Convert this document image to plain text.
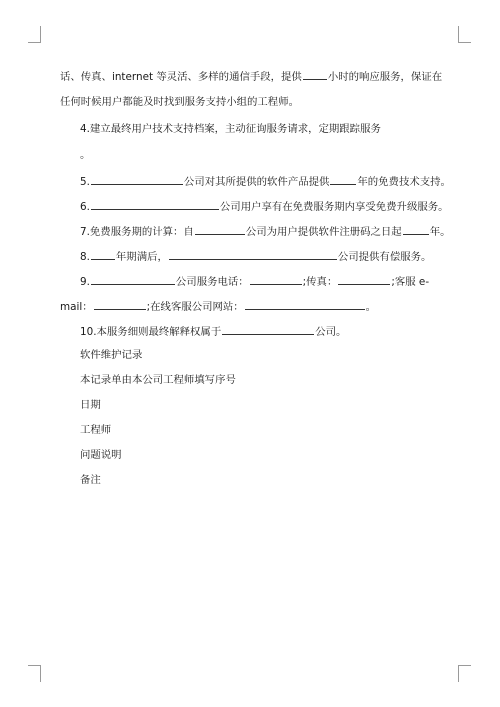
话、传真、internet 等灵活、多样的通信手段，提供	小时的响应服务，保证在
任何时候用户都能及时找到服务支持小组的工程师。
4.建立最终用户技术支持档案，主动征询服务请求，定期跟踪服务
。
5.	公司对其所提供的软件产品提供	年的免费技术支持。
6.	公司用户享有在免费服务期内享受免费升级服务。
7.免费服务期的计算：自	公司为用户提供软件注册码之日起	年。
8.	年期满后，	公司提供有偿服务。
9.	公司服务电话：	;传真：	;客服 e-
mail：	;在线客服公司网站：	。
10.本服务细则最终解释权属于	公司。
软件维护记录
本记录单由本公司工程师填写序号
日期
工程师
问题说明
备注
